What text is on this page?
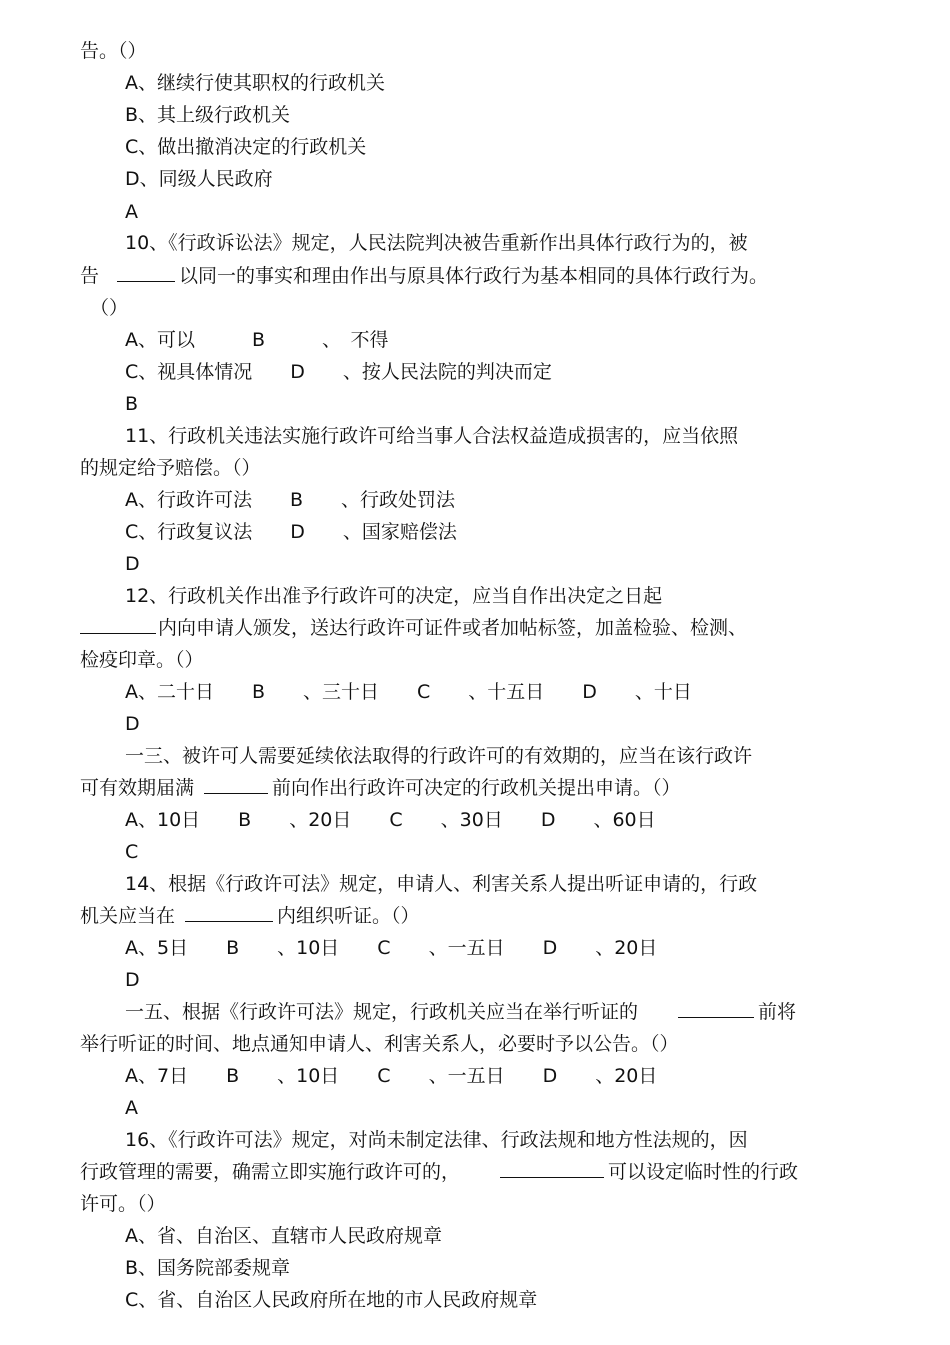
告。（）
A、继续行使其职权的行政机关
B、其上级行政机关
C、做出撤消决定的行政机关
D、同级人民政府
A
10、《行政诉讼法》规定，人民法院判决被告重新作出具体行政行为的，被
告	以同一的事实和理由作出与原具体行政行为基本相同的具体行政行为。
（）
A、可以　　　B　　　、　不得
C、视具体情况　　D　　、按人民法院的判决而定
B
11、行政机关违法实施行政许可给当事人合法权益造成损害的，应当依照
的规定给予赔偿。（）
A、行政许可法　　B　　、行政处罚法
C、行政复议法　　D　　、国家赔偿法
D
12、行政机关作出准予行政许可的决定，应当自作出决定之日起
内向申请人颁发，送达行政许可证件或者加帖标签，加盖检验、检测、
检疫印章。（）
A、二十日　　B　　、三十日　　C　　、十五日　　D　　、十日
D
一三、被许可人需要延续依法取得的行政许可的有效期的，应当在该行政许
可有效期届满	前向作出行政许可决定的行政机关提出申请。（）
A、10日　　B　　、20日　　C　　、30日　　D　　、60日
C
14、根据《行政许可法》规定，申请人、利害关系人提出听证申请的，行政
机关应当在	内组织听证。（）
A、5日　　B　　、10日　　C　　、一五日　　D　　、20日
D
一五、根据《行政许可法》规定，行政机关应当在举行听证的	前将
举行听证的时间、地点通知申请人、利害关系人，必要时予以公告。（）
A、7日　　B　　、10日　　C　　、一五日　　D　　、20日
A
16、《行政许可法》规定，对尚未制定法律、行政法规和地方性法规的，因
行政管理的需要，确需立即实施行政许可的，	可以设定临时性的行政
许可。（）
A、省、自治区、直辖市人民政府规章
B、国务院部委规章
C、省、自治区人民政府所在地的市人民政府规章
